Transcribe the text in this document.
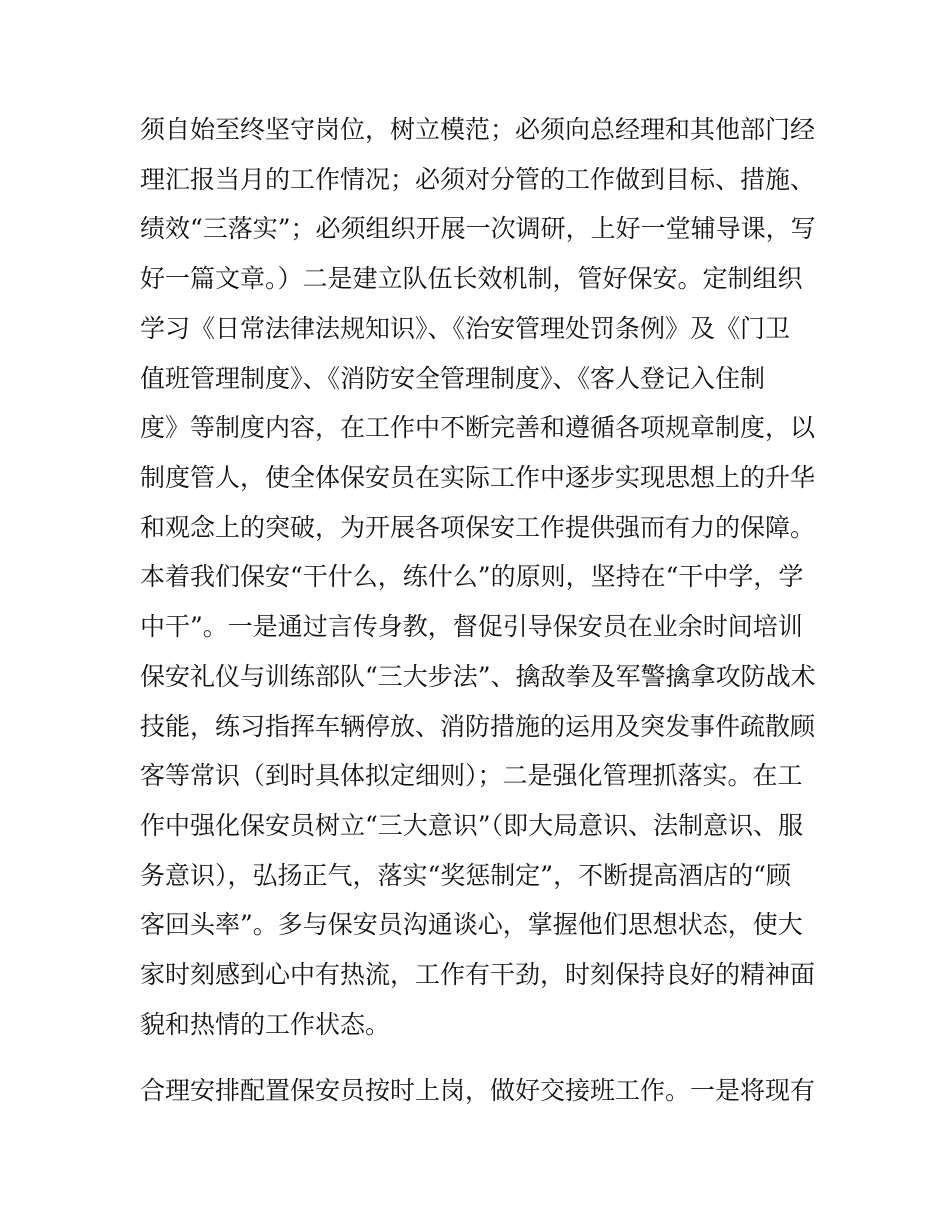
须自始至终坚守岗位，树立模范；必须向总经理和其他部门经
理汇报当月的工作情况；必须对分管的工作做到目标、措施、
绩效“三落实”；必须组织开展一次调研，上好一堂辅导课，写
好一篇文章。）二是建立队伍长效机制，管好保安。定制组织
学习《日常法律法规知识》、《治安管理处罚条例》及《门卫
值班管理制度》、《消防安全管理制度》、《客人登记入住制
度》等制度内容，在工作中不断完善和遵循各项规章制度，以
制度管人，使全体保安员在实际工作中逐步实现思想上的升华
和观念上的突破，为开展各项保安工作提供强而有力的保障。
本着我们保安“干什么，练什么”的原则，坚持在“干中学，学
中干”。一是通过言传身教，督促引导保安员在业余时间培训
保安礼仪与训练部队“三大步法”、擒敌拳及军警擒拿攻防战术
技能，练习指挥车辆停放、消防措施的运用及突发事件疏散顾
客等常识（到时具体拟定细则）；二是强化管理抓落实。在工
作中强化保安员树立“三大意识”（即大局意识、法制意识、服
务意识），弘扬正气，落实“奖惩制定”，不断提高酒店的“顾
客回头率”。多与保安员沟通谈心，掌握他们思想状态，使大
家时刻感到心中有热流，工作有干劲，时刻保持良好的精神面
貌和热情的工作状态。
合理安排配置保安员按时上岗，做好交接班工作。一是将现有
